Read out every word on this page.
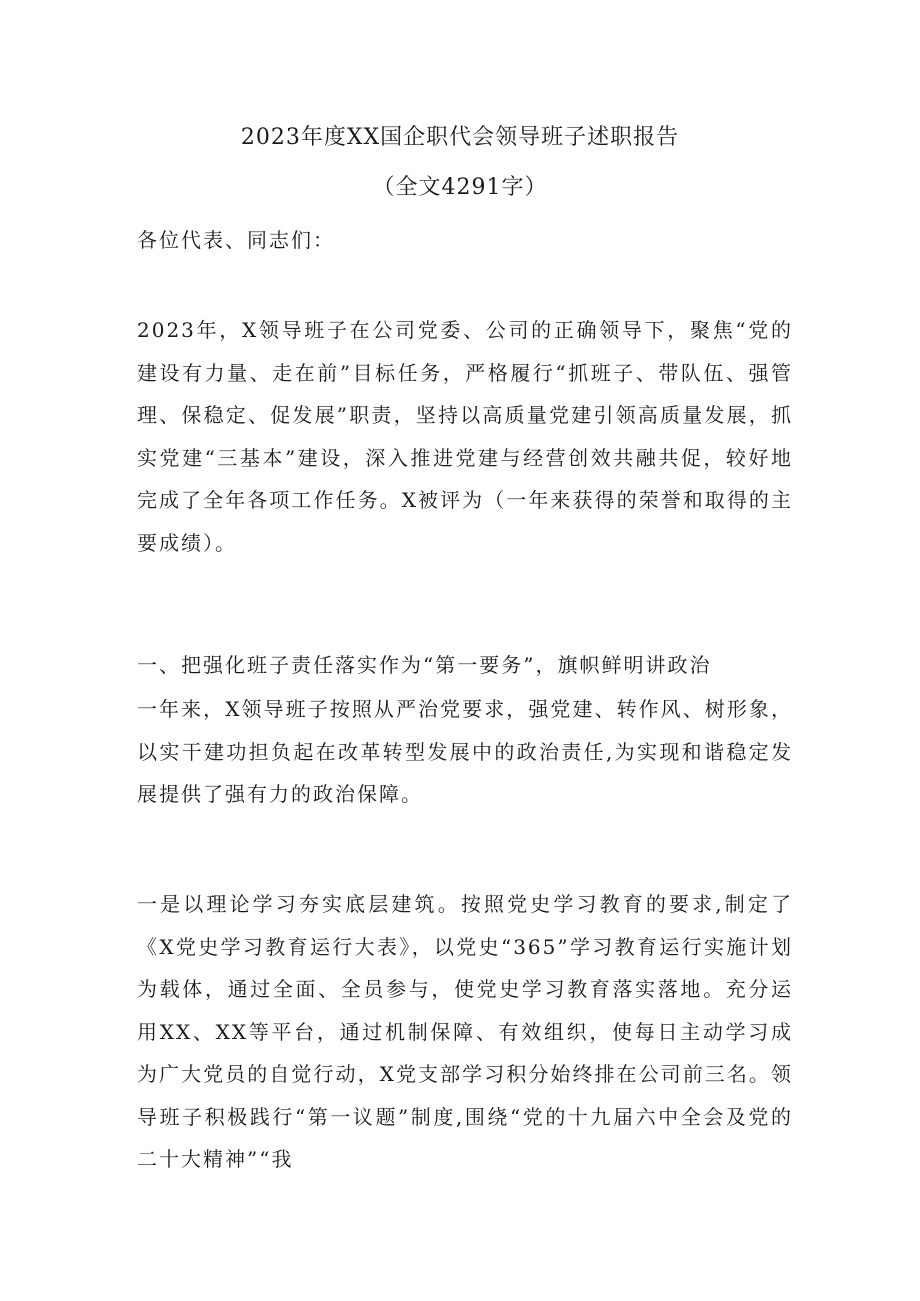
2023年度XX国企职代会领导班子述职报告
（全文4291字）
各位代表、同志们：
2023年，X领导班子在公司党委、公司的正确领导下，聚焦“党的建设有力量、走在前”目标任务，严格履行“抓班子、带队伍、强管理、保稳定、促发展”职责，坚持以高质量党建引领高质量发展，抓实党建“三基本”建设，深入推进党建与经营创效共融共促，较好地完成了全年各项工作任务。X被评为（一年来获得的荣誉和取得的主要成绩）。
一、把强化班子责任落实作为“第一要务”，旗帜鲜明讲政治
一年来，X领导班子按照从严治党要求，强党建、转作风、树形象，以实干建功担负起在改革转型发展中的政治责任,为实现和谐稳定发展提供了强有力的政治保障。
一是以理论学习夯实底层建筑。按照党史学习教育的要求,制定了《X党史学习教育运行大表》，以党史“365”学习教育运行实施计划为载体，通过全面、全员参与，使党史学习教育落实落地。充分运用XX、XX等平台，通过机制保障、有效组织，使每日主动学习成为广大党员的自觉行动，X党支部学习积分始终排在公司前三名。领导班子积极践行“第一议题”制度,围绕“党的十九届六中全会及党的二十大精神”“我
